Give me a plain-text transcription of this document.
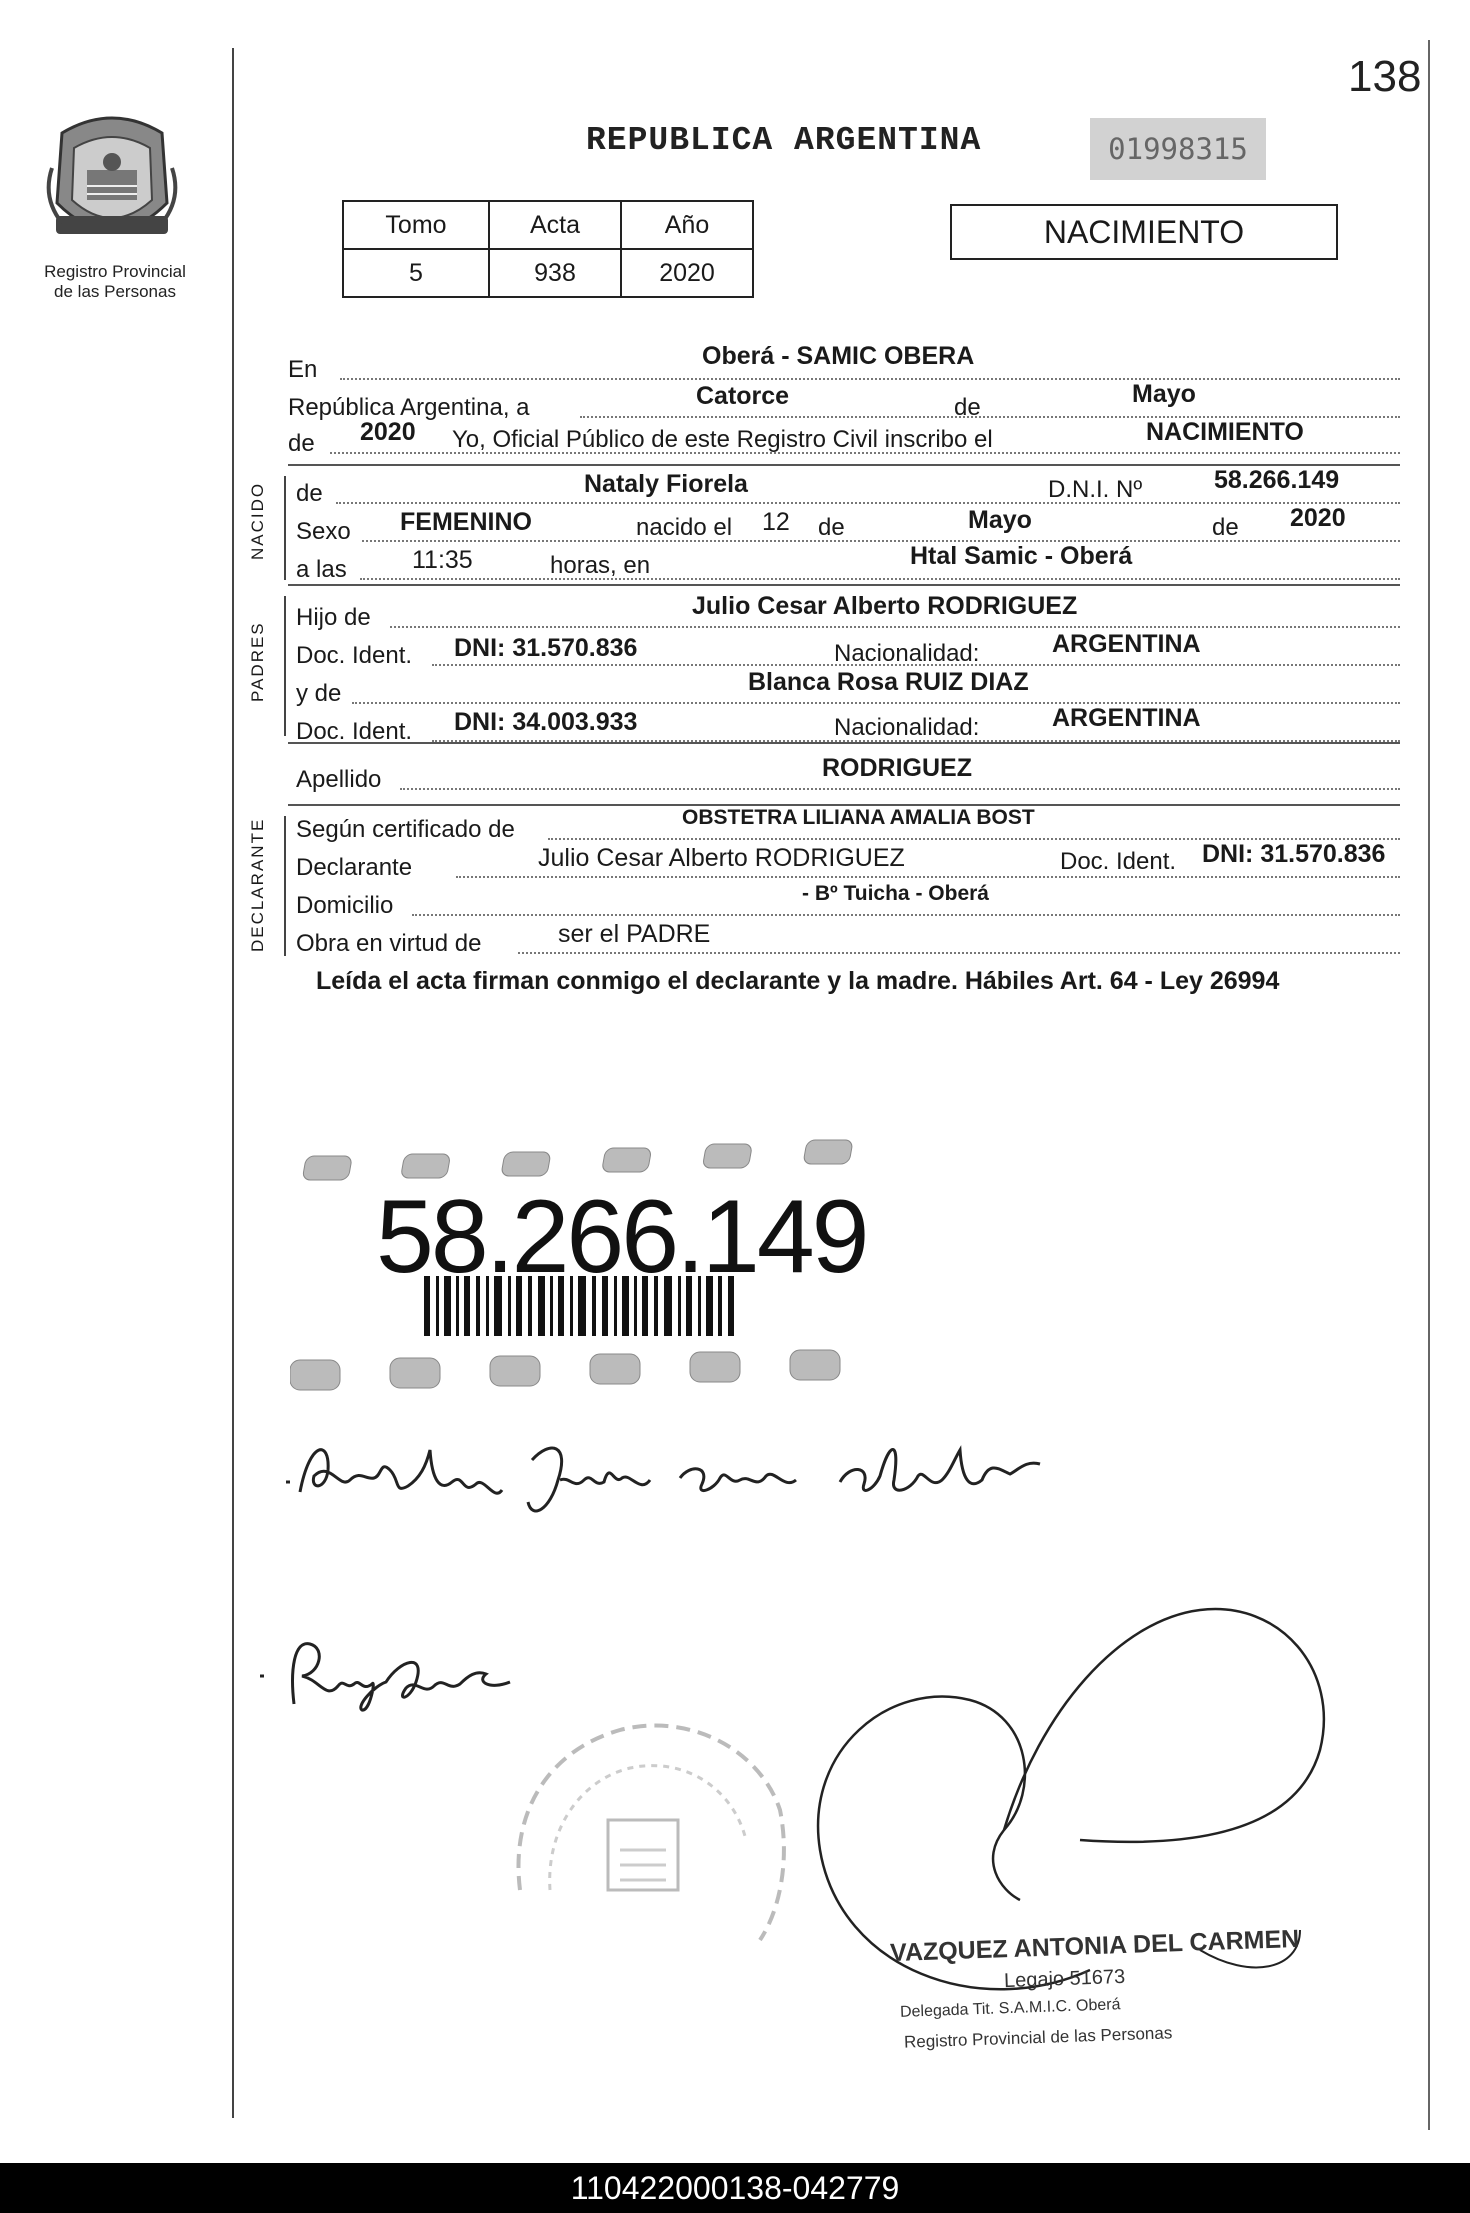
138
Registro Provincial
de las Personas
REPUBLICA ARGENTINA	01998315
Tomo	Acta	Año
5	938	2020
NACIMIENTO
En	Oberá - SAMIC OBERA
República Argentina, a	Catorce	de	Mayo
de 2020 Yo, Oficial Público de este Registro Civil inscribo el	NACIMIENTO
NACIDO de	Nataly Fiorela	D.N.I. Nº	58.266.149
Sexo FEMENINO	nacido el 12 de	Mayo	de 2020
a las	11:35	horas, en	Htal Samic - Oberá
PADRES
Hijo de	Julio Cesar Alberto RODRIGUEZ
Doc. Ident. DNI: 31.570.836	Nacionalidad:	ARGENTINA
y de	Blanca Rosa RUIZ DIAZ
Doc. Ident. DNI: 34.003.933	Nacionalidad:	ARGENTINA
Apellido	RODRIGUEZ
DECLARANTE Según certificado de	OBSTETRA LILIANA AMALIA BOST
Declarante	Julio Cesar Alberto RODRIGUEZ	Doc. Ident. DNI: 31.570.836
Domicilio	- Bº Tuicha - Oberá
Obra en virtud de	ser el PADRE
Leída el acta firman conmigo el declarante y la madre. Hábiles Art. 64 - Ley 26994
58.266.149
VAZQUEZ ANTONIA DEL CARMEN
Legajo 51673
Delegada Tit. S.A.M.I.C. Oberá
Registro Provincial de las Personas
110422000138-042779
